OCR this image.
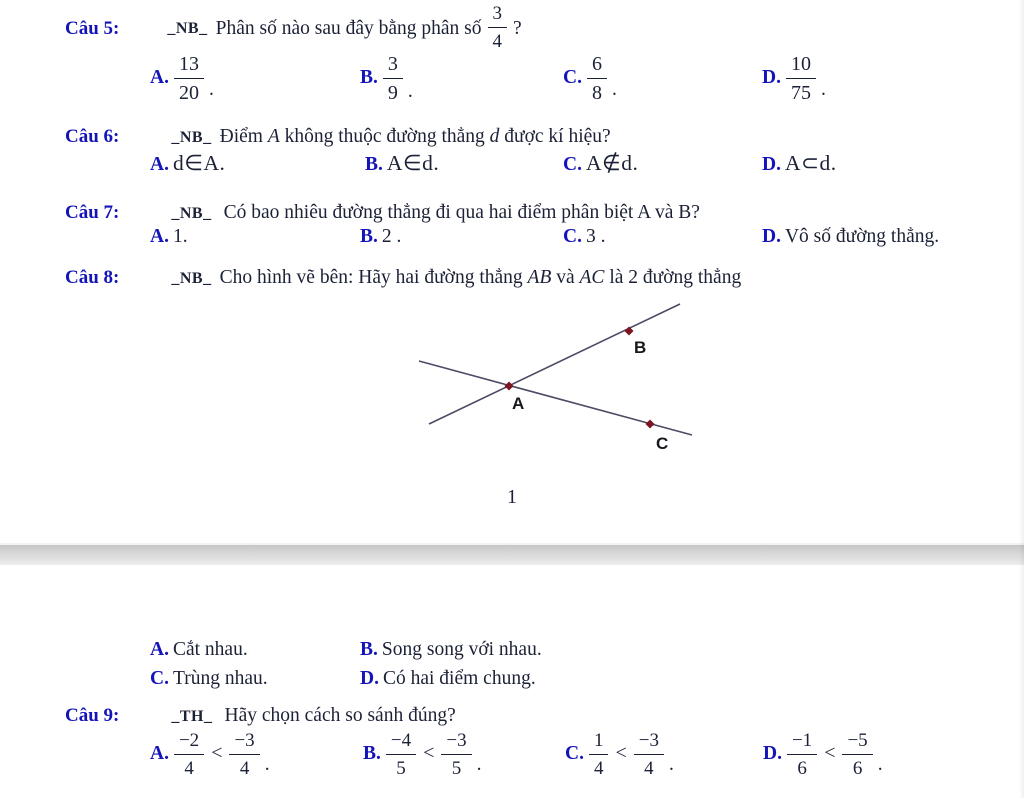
Câu 5:	_NB_ Phân số nào sau đây bằng phân số $\frac{3}{4}$ ?
A. $\frac{13}{20}$ .
B. $\frac{3}{9}$ .
C. $\frac{6}{8}$ .
D. $\frac{10}{75}$ .
Câu 6:	_NB_ Điểm A không thuộc đường thẳng d được kí hiệu?
A. d∈A.	B. A∈d.	C. A∉d.	D. A⊂d.
Câu 7:	_NB_ Có bao nhiêu đường thẳng đi qua hai điểm phân biệt A và B?
A. 1.	B. 2 .	C. 3 .	D. Vô số đường thẳng.
Câu 8:	_NB_ Cho hình vẽ bên: Hãy hai đường thẳng AB và AC là 2 đường thẳng
A
B
C
1
A. Cắt nhau.	B. Song song với nhau.
C. Trùng nhau.	D. Có hai điểm chung.
Câu 9:	_TH_ Hãy chọn cách so sánh đúng?
A. $\frac{-2}{4} < \frac{-3}{4}$ .
B. $\frac{-4}{5} < \frac{-3}{5}$ .
C. $\frac{1}{4} < \frac{-3}{4}$ .
D. $\frac{-1}{6} < \frac{-5}{6}$ .
